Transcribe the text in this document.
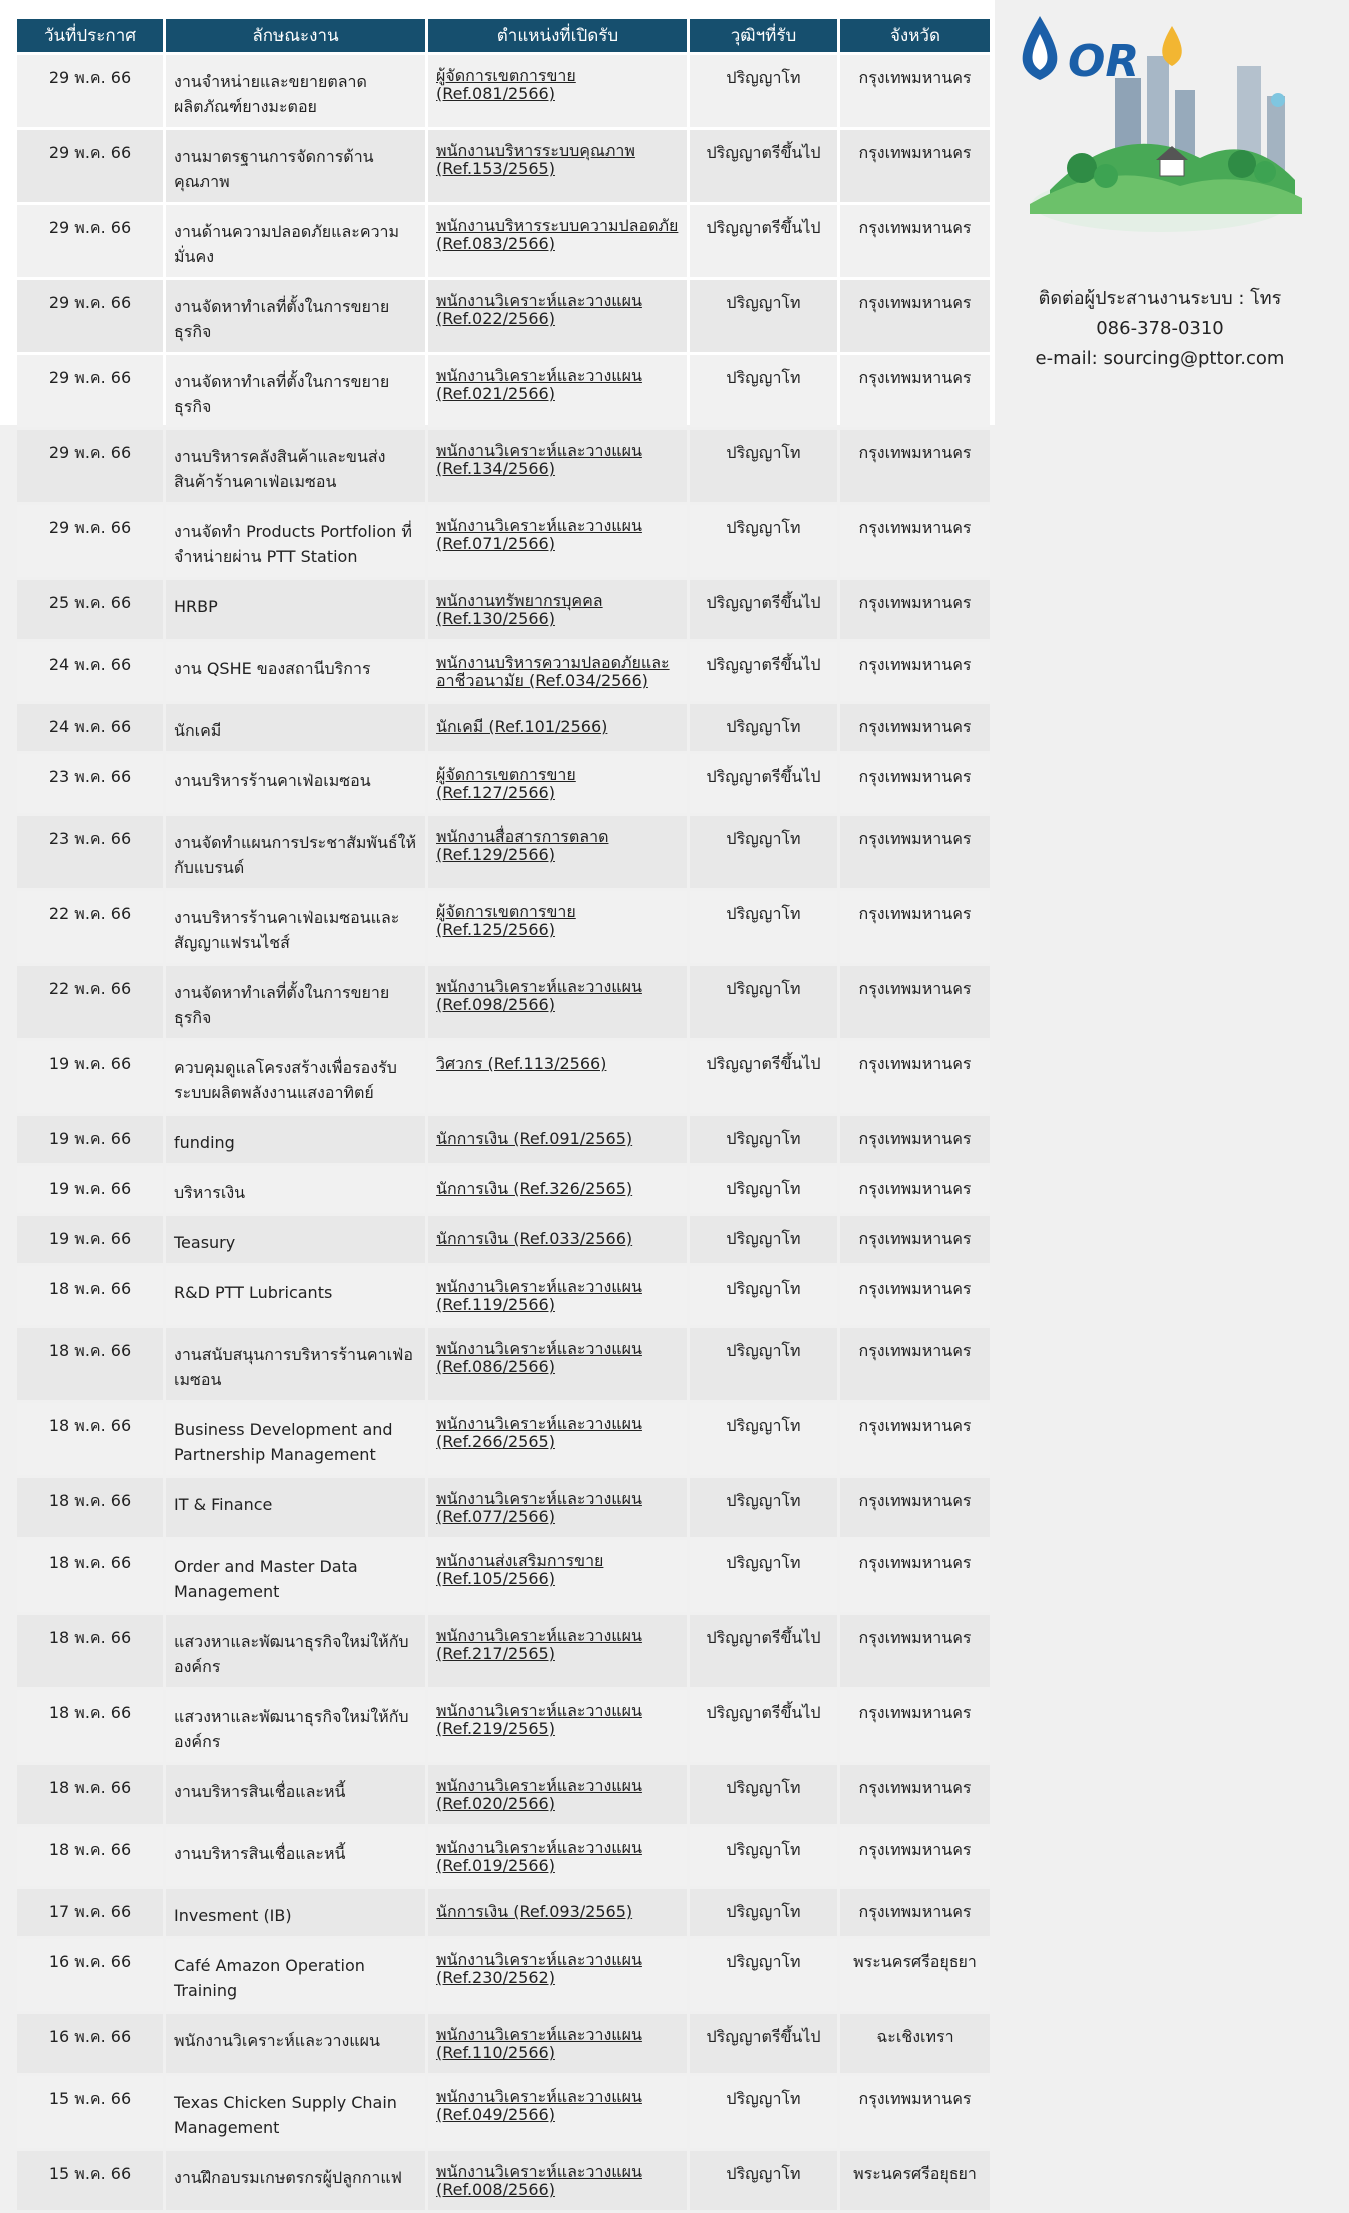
วันที่ประกาศ	ลักษณะงาน	ตำแหน่งที่เปิดรับ	วุฒิฯที่รับ	จังหวัด
29 พ.ค. 66	งานจำหน่ายและขยายตลาดผลิตภัณฑ์ยางมะตอย	ผู้จัดการเขตการขาย (Ref.081/2566)	ปริญญาโท	กรุงเทพมหานคร
29 พ.ค. 66	งานมาตรฐานการจัดการด้านคุณภาพ	พนักงานบริหารระบบคุณภาพ (Ref.153/2565)	ปริญญาตรีขึ้นไป	กรุงเทพมหานคร
29 พ.ค. 66	งานด้านความปลอดภัยและความมั่นคง	พนักงานบริหารระบบความปลอดภัย (Ref.083/2566)	ปริญญาตรีขึ้นไป	กรุงเทพมหานคร
29 พ.ค. 66	งานจัดหาทำเลที่ตั้งในการขยายธุรกิจ	พนักงานวิเคราะห์และวางแผน (Ref.022/2566)	ปริญญาโท	กรุงเทพมหานคร
29 พ.ค. 66	งานจัดหาทำเลที่ตั้งในการขยายธุรกิจ	พนักงานวิเคราะห์และวางแผน (Ref.021/2566)	ปริญญาโท	กรุงเทพมหานคร
29 พ.ค. 66	งานบริหารคลังสินค้าและขนส่งสินค้าร้านคาเฟ่อเมซอน	พนักงานวิเคราะห์และวางแผน (Ref.134/2566)	ปริญญาโท	กรุงเทพมหานคร
29 พ.ค. 66	งานจัดทำ Products Portfolion ที่จำหน่ายผ่าน PTT Station	พนักงานวิเคราะห์และวางแผน (Ref.071/2566)	ปริญญาโท	กรุงเทพมหานคร
25 พ.ค. 66	HRBP	พนักงานทรัพยากรบุคคล (Ref.130/2566)	ปริญญาตรีขึ้นไป	กรุงเทพมหานคร
24 พ.ค. 66	งาน QSHE ของสถานีบริการ	พนักงานบริหารความปลอดภัยและอาชีวอนามัย (Ref.034/2566)	ปริญญาตรีขึ้นไป	กรุงเทพมหานคร
24 พ.ค. 66	นักเคมี	นักเคมี (Ref.101/2566)	ปริญญาโท	กรุงเทพมหานคร
23 พ.ค. 66	งานบริหารร้านคาเฟ่อเมซอน	ผู้จัดการเขตการขาย (Ref.127/2566)	ปริญญาตรีขึ้นไป	กรุงเทพมหานคร
23 พ.ค. 66	งานจัดทำแผนการประชาสัมพันธ์ให้กับแบรนด์	พนักงานสื่อสารการตลาด (Ref.129/2566)	ปริญญาโท	กรุงเทพมหานคร
22 พ.ค. 66	งานบริหารร้านคาเฟ่อเมซอนและสัญญาแฟรนไชส์	ผู้จัดการเขตการขาย (Ref.125/2566)	ปริญญาโท	กรุงเทพมหานคร
22 พ.ค. 66	งานจัดหาทำเลที่ตั้งในการขยายธุรกิจ	พนักงานวิเคราะห์และวางแผน (Ref.098/2566)	ปริญญาโท	กรุงเทพมหานคร
19 พ.ค. 66	ควบคุมดูแลโครงสร้างเพื่อรองรับระบบผลิตพลังงานแสงอาทิตย์	วิศวกร (Ref.113/2566)	ปริญญาตรีขึ้นไป	กรุงเทพมหานคร
19 พ.ค. 66	funding	นักการเงิน (Ref.091/2565)	ปริญญาโท	กรุงเทพมหานคร
19 พ.ค. 66	บริหารเงิน	นักการเงิน (Ref.326/2565)	ปริญญาโท	กรุงเทพมหานคร
19 พ.ค. 66	Teasury	นักการเงิน (Ref.033/2566)	ปริญญาโท	กรุงเทพมหานคร
18 พ.ค. 66	R&D PTT Lubricants	พนักงานวิเคราะห์และวางแผน (Ref.119/2566)	ปริญญาโท	กรุงเทพมหานคร
18 พ.ค. 66	งานสนับสนุนการบริหารร้านคาเฟ่อเมซอน	พนักงานวิเคราะห์และวางแผน (Ref.086/2566)	ปริญญาโท	กรุงเทพมหานคร
18 พ.ค. 66	Business Development and Partnership Management	พนักงานวิเคราะห์และวางแผน (Ref.266/2565)	ปริญญาโท	กรุงเทพมหานคร
18 พ.ค. 66	IT & Finance	พนักงานวิเคราะห์และวางแผน (Ref.077/2566)	ปริญญาโท	กรุงเทพมหานคร
18 พ.ค. 66	Order and Master Data Management	พนักงานส่งเสริมการขาย (Ref.105/2566)	ปริญญาโท	กรุงเทพมหานคร
18 พ.ค. 66	แสวงหาและพัฒนาธุรกิจใหม่ให้กับองค์กร	พนักงานวิเคราะห์และวางแผน (Ref.217/2565)	ปริญญาตรีขึ้นไป	กรุงเทพมหานคร
18 พ.ค. 66	แสวงหาและพัฒนาธุรกิจใหม่ให้กับองค์กร	พนักงานวิเคราะห์และวางแผน (Ref.219/2565)	ปริญญาตรีขึ้นไป	กรุงเทพมหานคร
18 พ.ค. 66	งานบริหารสินเชื่อและหนี้	พนักงานวิเคราะห์และวางแผน (Ref.020/2566)	ปริญญาโท	กรุงเทพมหานคร
18 พ.ค. 66	งานบริหารสินเชื่อและหนี้	พนักงานวิเคราะห์และวางแผน (Ref.019/2566)	ปริญญาโท	กรุงเทพมหานคร
17 พ.ค. 66	Invesment (IB)	นักการเงิน (Ref.093/2565)	ปริญญาโท	กรุงเทพมหานคร
16 พ.ค. 66	Café Amazon Operation Training	พนักงานวิเคราะห์และวางแผน (Ref.230/2562)	ปริญญาโท	พระนครศรีอยุธยา
16 พ.ค. 66	พนักงานวิเคราะห์และวางแผน	พนักงานวิเคราะห์และวางแผน (Ref.110/2566)	ปริญญาตรีขึ้นไป	ฉะเชิงเทรา
15 พ.ค. 66	Texas Chicken Supply Chain Management	พนักงานวิเคราะห์และวางแผน (Ref.049/2566)	ปริญญาโท	กรุงเทพมหานคร
15 พ.ค. 66	งานฝึกอบรมเกษตรกรผู้ปลูกกาแฟ	พนักงานวิเคราะห์และวางแผน (Ref.008/2566)	ปริญญาโท	พระนครศรีอยุธยา
OR
ติดต่อผู้ประสานงานระบบ : โทร
086-378-0310
e-mail: sourcing@pttor.com
